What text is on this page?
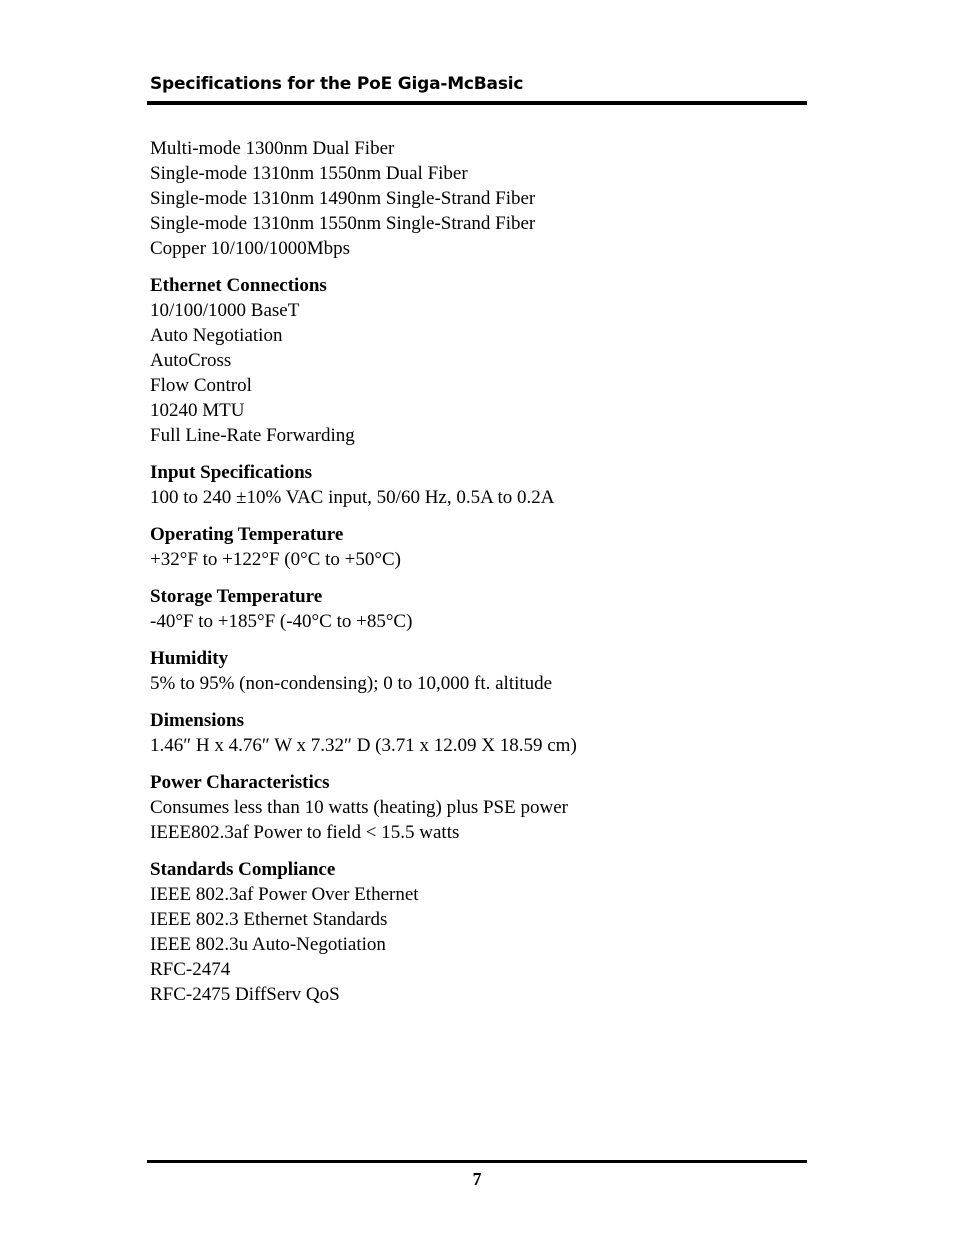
Specifications for the PoE Giga-McBasic
Multi-mode 1300nm Dual Fiber
Single-mode 1310nm 1550nm Dual Fiber
Single-mode 1310nm 1490nm Single-Strand Fiber
Single-mode 1310nm 1550nm Single-Strand Fiber
Copper 10/100/1000Mbps
Ethernet Connections
10/100/1000 BaseT
Auto Negotiation
AutoCross
Flow Control
10240 MTU
Full Line-Rate Forwarding
Input Specifications
100 to 240 ±10% VAC input, 50/60 Hz, 0.5A to 0.2A
Operating Temperature
+32°F to +122°F (0°C to +50°C)
Storage Temperature
-40°F to +185°F (-40°C to +85°C)
Humidity
5% to 95% (non-condensing); 0 to 10,000 ft. altitude
Dimensions
1.46″ H x 4.76″ W x 7.32″ D (3.71 x 12.09 X 18.59 cm)
Power Characteristics
Consumes less than 10 watts (heating) plus PSE power
IEEE802.3af Power to field < 15.5 watts
Standards Compliance
IEEE 802.3af Power Over Ethernet
IEEE 802.3 Ethernet Standards
IEEE 802.3u Auto-Negotiation
RFC-2474
RFC-2475 DiffServ QoS
7
